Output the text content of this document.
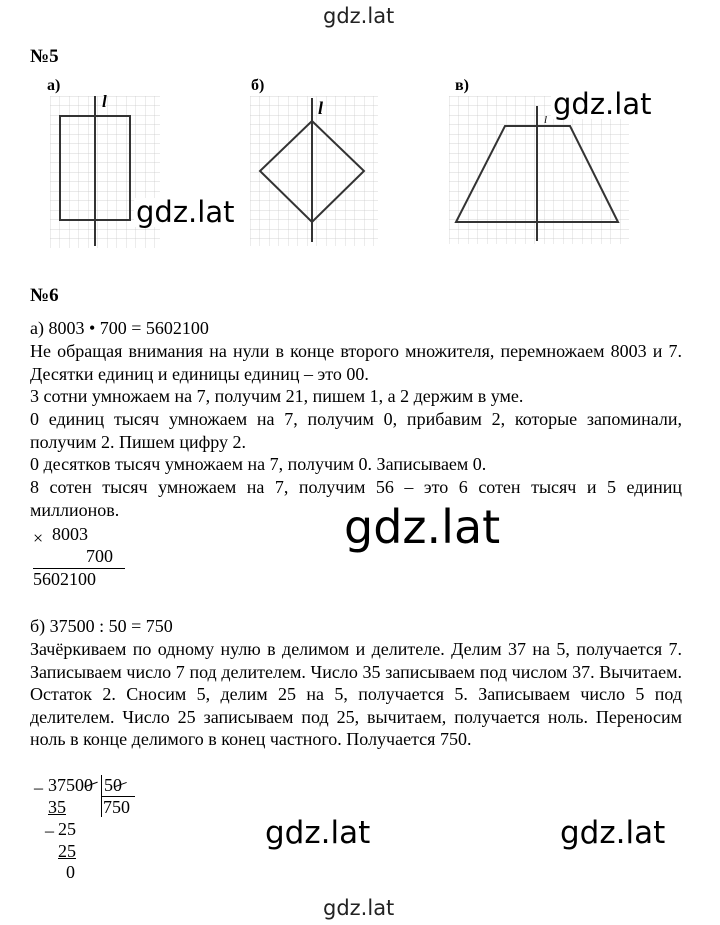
gdz.lat
№5
а)	б)	в)
l	l
l
gdz.lat
gdz.lat
№6
а) 8003 • 700 = 5602100
Не обращая внимания на нули в конце второго множителя, перемножаем 8003 и 7. Десятки единиц и единицы единиц – это 00.
3 сотни умножаем на 7, получим 21, пишем 1, а 2 держим в уме.
0 единиц тысяч умножаем на 7, получим 0, прибавим 2, которые запоминали, получим 2. Пишем цифру 2.
0 десятков тысяч умножаем на 7, получим 0. Записываем 0.
8 сотен тысяч умножаем на 7, получим 56 – это 6 сотен тысяч и 5 единиц миллионов.	gdz.lat
× 8003
700
5602100
б) 37500 : 50 = 750
Зачёркиваем по одному нулю в делимом и делителе. Делим 37 на 5, получается 7. Записываем число 7 под делителем. Число 35 записываем под числом 37. Вычитаем. Остаток 2. Сносим 5, делим 25 на 5, получается 5. Записываем число 5 под делителем. Число 25 записываем под 25, вычитаем, получается ноль. Переносим ноль в конце делимого в конец частного. Получается 750.
_ 37500 50
750
35
_ 25
25
0
gdz.lat	gdz.lat
gdz.lat
